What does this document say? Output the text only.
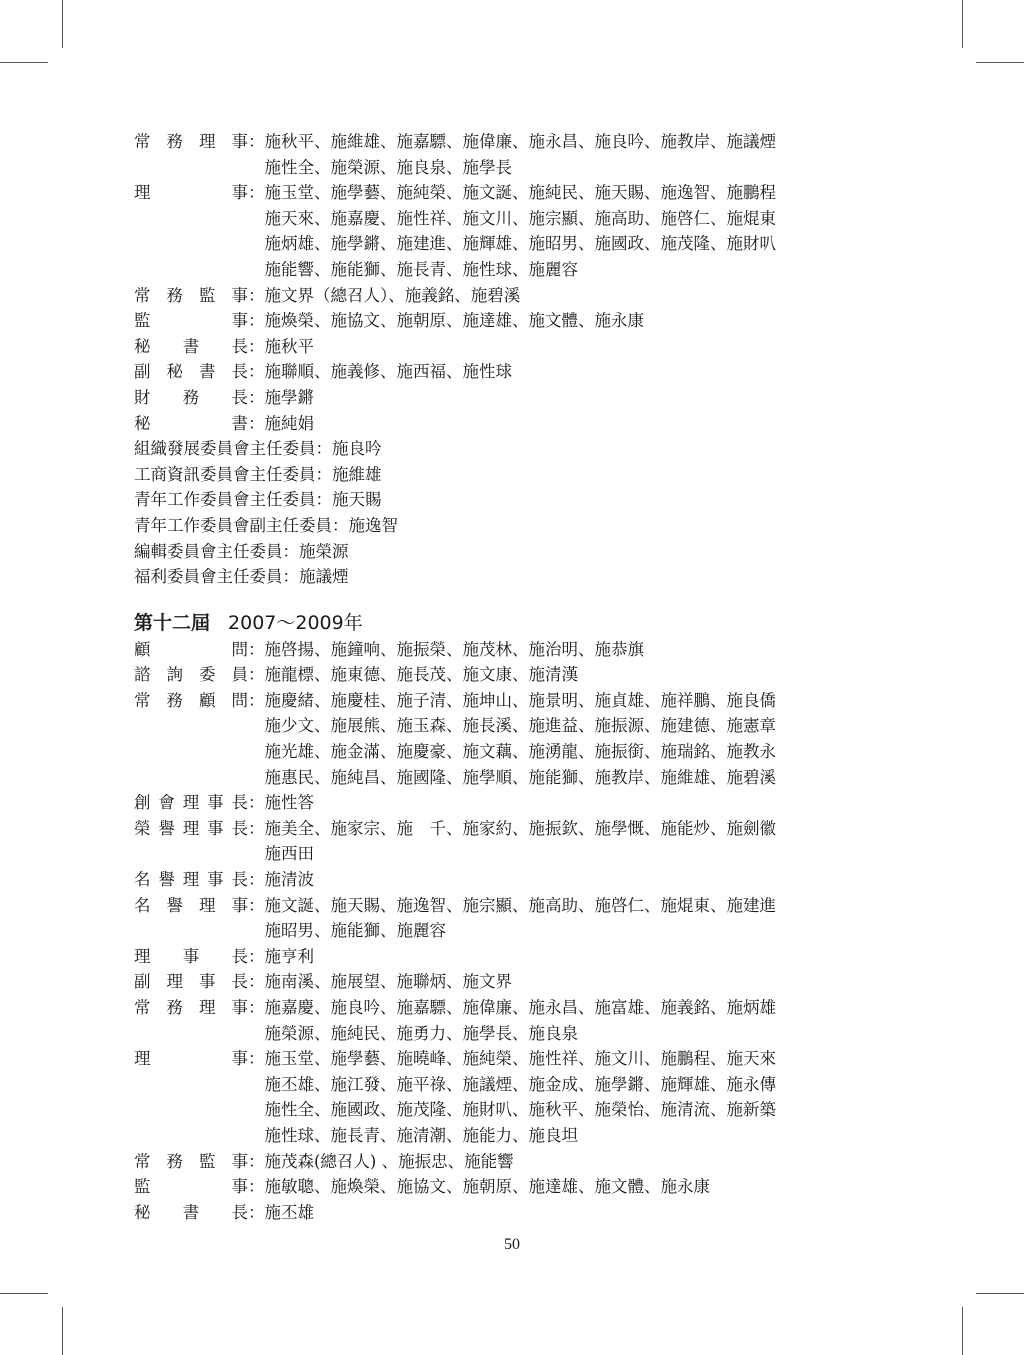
常 務 理 事 ： 施秋平、施維雄、施嘉驃、施偉廉、施永昌、施良吟、施教岸、施議煙
施性全、施榮源、施良泉、施學長
理	事 ： 施玉堂、施學藝、施純榮、施文誕、施純民、施天賜、施逸智、施鵬程
施天來、施嘉慶、施性祥、施文川、施宗顯、施高助、施啓仁、施焜東
施炳雄、施學鏘、施建進、施輝雄、施昭男、施國政、施茂隆、施財叭
施能響、施能獅、施長青、施性球、施麗容
常 務 監 事 ： 施文界（總召人）、施義銘、施碧溪
監	事 ： 施煥榮、施協文、施朝原、施達雄、施文體、施永康
秘 書 長 ： 施秋平
副 秘 書 長 ： 施聯順、施義修、施西福、施性球
財 務 長 ： 施學鏘
秘	書 ： 施純娟
組織發展委員會主任委員：施良吟
工商資訊委員會主任委員：施維雄
青年工作委員會主任委員：施天賜
青年工作委員會副主任委員：施逸智
編輯委員會主任委員：施榮源
福利委員會主任委員：施議煙
第十二屆 2007～2009年
顧	問 ： 施啓揚、施鐘响、施振榮、施茂林、施治明、施恭旗
諮 詢 委 員 ： 施龍標、施東德、施長茂、施文康、施清漢
常 務 顧 問 ： 施慶緒、施慶桂、施子清、施坤山、施景明、施貞雄、施祥鵬、施良僑
施少文、施展熊、施玉森、施長溪、施進益、施振源、施建德、施憲章
施光雄、施金滿、施慶豪、施文藕、施湧龍、施振銜、施瑞銘、施教永
施惠民、施純昌、施國隆、施學順、施能獅、施教岸、施維雄、施碧溪
創 會 理 事 長 ： 施性答
榮 譽 理 事 長 ： 施美全、施家宗、施　千、施家約、施振欽、施學慨、施能炒、施劍徽
施西田
名 譽 理 事 長 ： 施清波
名 譽 理 事 ： 施文誕、施天賜、施逸智、施宗顯、施高助、施啓仁、施焜東、施建進
施昭男、施能獅、施麗容
理 事 長 ： 施亨利
副 理 事 長 ： 施南溪、施展望、施聯炳、施文界
常 務 理 事 ： 施嘉慶、施良吟、施嘉驃、施偉廉、施永昌、施富雄、施義銘、施炳雄
施榮源、施純民、施勇力、施學長、施良泉
理	事 ： 施玉堂、施學藝、施曉峰、施純榮、施性祥、施文川、施鵬程、施天來
施丕雄、施江發、施平祿、施議煙、施金成、施學鏘、施輝雄、施永傳
施性全、施國政、施茂隆、施財叭、施秋平、施榮怡、施清流、施新築
施性球、施長青、施清潮、施能力、施良坦
常 務 監 事 ： 施茂森(總召人) 、施振忠、施能響
監	事 ： 施敏聰、施煥榮、施協文、施朝原、施達雄、施文體、施永康
秘 書 長 ： 施丕雄
50
